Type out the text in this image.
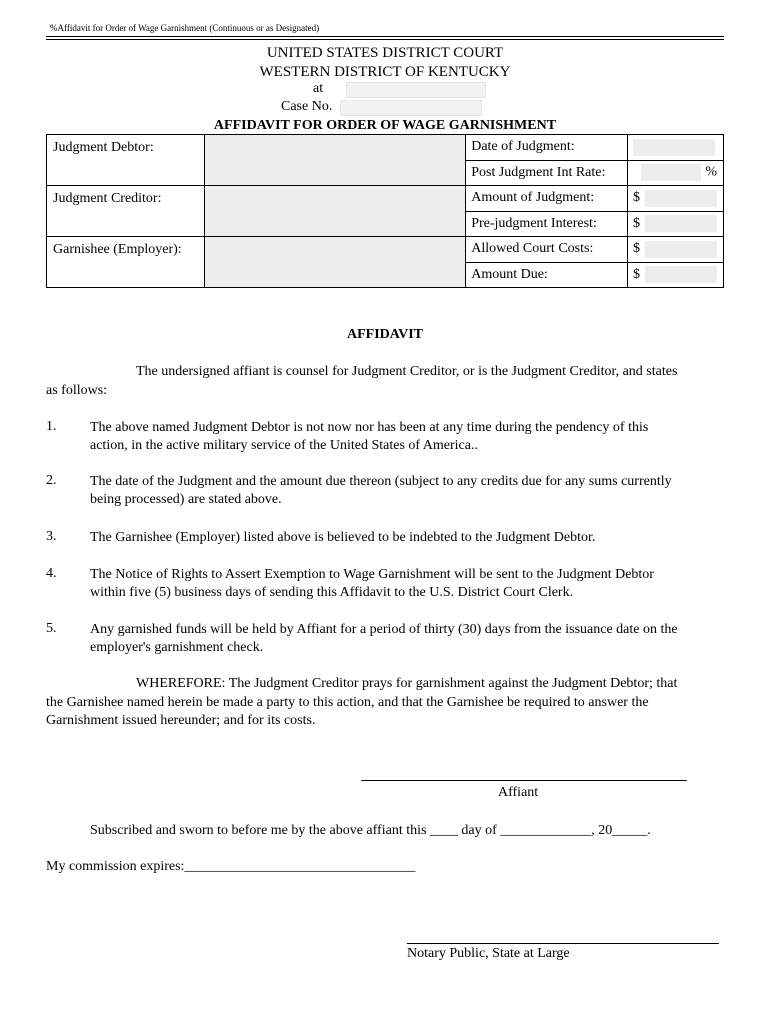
%Affidavit for Order of Wage Garnishment (Continuous or as Designated)
UNITED STATES DISTRICT COURT
WESTERN DISTRICT OF KENTUCKY
at
Case No.
AFFIDAVIT FOR ORDER OF WAGE GARNISHMENT
Judgment Debtor:		Date of Judgment:	
		Post Judgment Int Rate:	%
Judgment Creditor:		Amount of Judgment:	$
		Pre-judgment Interest:	$
Garnishee (Employer):		Allowed Court Costs:	$
		Amount Due:	$
AFFIDAVIT
The undersigned affiant is counsel for Judgment Creditor, or is the Judgment Creditor, and states
as follows:
1. The above named Judgment Debtor is not now nor has been at any time during the pendency of this
action, in the active military service of the United States of America..
2. The date of the Judgment and the amount due thereon (subject to any credits due for any sums currently
being processed) are stated above.
3. The Garnishee (Employer) listed above is believed to be indebted to the Judgment Debtor.
4. The Notice of Rights to Assert Exemption to Wage Garnishment will be sent to the Judgment Debtor
within five (5) business days of sending this Affidavit to the U.S. District Court Clerk.
5. Any garnished funds will be held by Affiant for a period of thirty (30) days from the issuance date on the
employer's garnishment check.
WHEREFORE: The Judgment Creditor prays for garnishment against the Judgment Debtor; that
the Garnishee named herein be made a party to this action, and that the Garnishee be required to answer the
Garnishment issued hereunder; and for its costs.
Affiant
Subscribed and sworn to before me by the above affiant this ____ day of _____________, 20_____.
My commission expires:_________________________________
Notary Public, State at Large
